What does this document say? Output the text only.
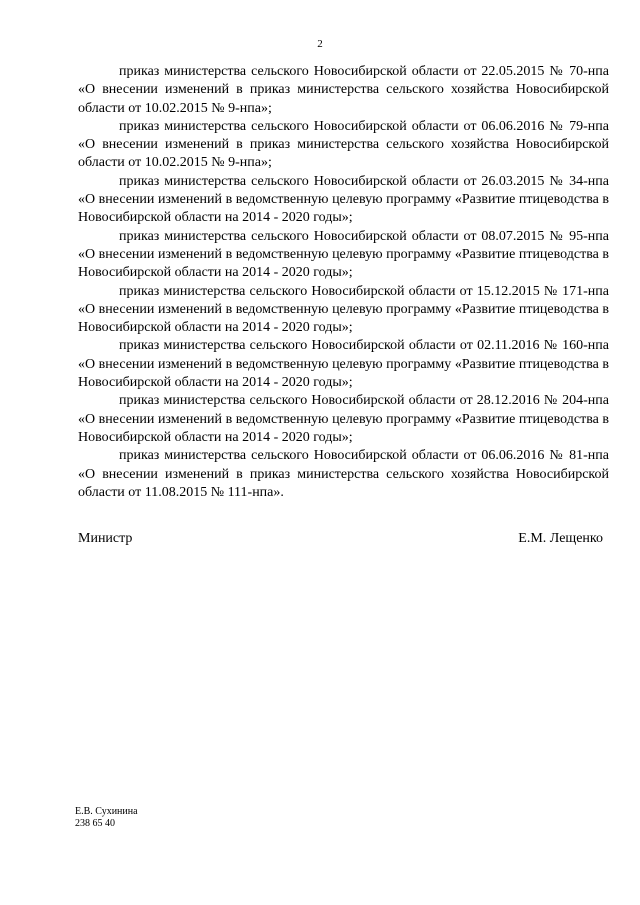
2

приказ министерства сельского Новосибирской области от 22.05.2015 № 70-нпа «О внесении изменений в приказ министерства сельского хозяйства Новосибирской области от 10.02.2015 № 9-нпа»;

приказ министерства сельского Новосибирской области от 06.06.2016 № 79-нпа «О внесении изменений в приказ министерства сельского хозяйства Новосибирской области от 10.02.2015 № 9-нпа»;

приказ министерства сельского Новосибирской области от 26.03.2015 № 34-нпа «О внесении изменений в ведомственную целевую программу «Развитие птицеводства в Новосибирской области на 2014 - 2020 годы»;

приказ министерства сельского Новосибирской области от 08.07.2015 № 95-нпа «О внесении изменений в ведомственную целевую программу «Развитие птицеводства в Новосибирской области на 2014 - 2020 годы»;

приказ министерства сельского Новосибирской области от 15.12.2015 № 171-нпа «О внесении изменений в ведомственную целевую программу «Развитие птицеводства в Новосибирской области на 2014 - 2020 годы»;

приказ министерства сельского Новосибирской области от 02.11.2016 № 160-нпа «О внесении изменений в ведомственную целевую программу «Развитие птицеводства в Новосибирской области на 2014 - 2020 годы»;

приказ министерства сельского Новосибирской области от 28.12.2016 № 204-нпа «О внесении изменений в ведомственную целевую программу «Развитие птицеводства в Новосибирской области на 2014 - 2020 годы»;

приказ министерства сельского Новосибирской области от 06.06.2016 № 81-нпа «О внесении изменений в приказ министерства сельского хозяйства Новосибирской области от 11.08.2015 № 111-нпа».

Министр	Е.М. Лещенко
Е.В. Сухинина
238 65 40
